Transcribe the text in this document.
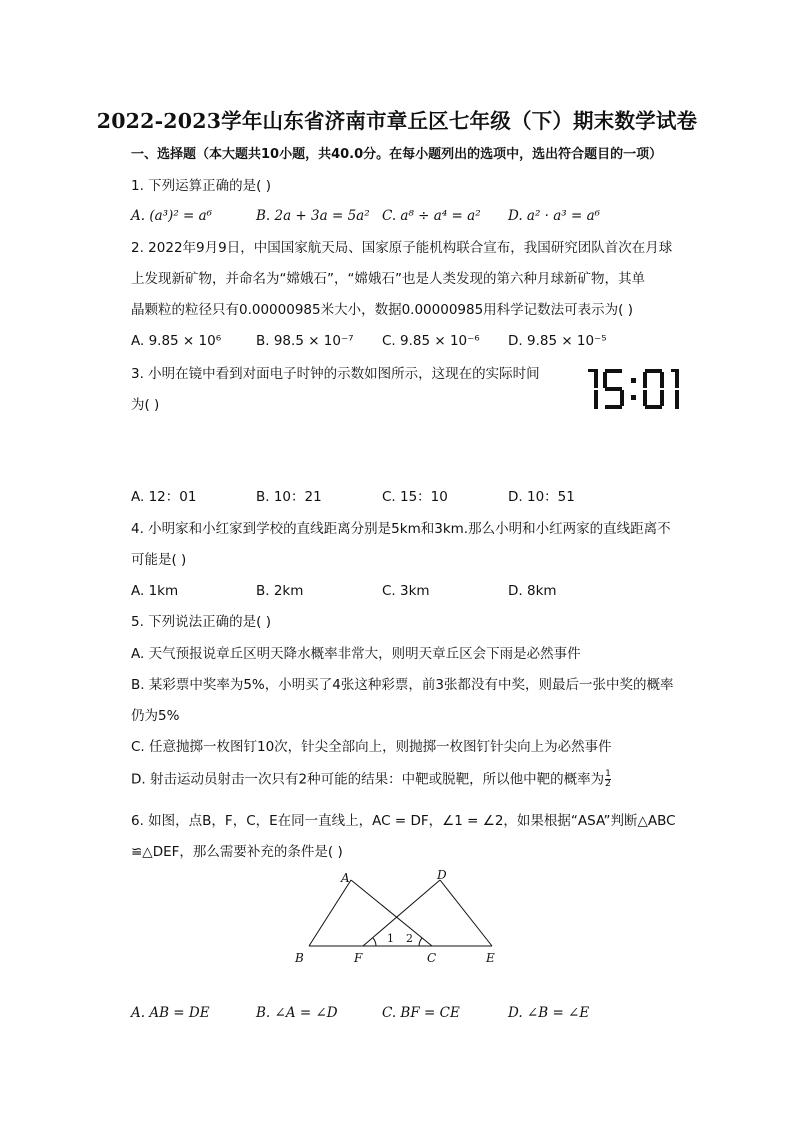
2022-2023学年山东省济南市章丘区七年级（下）期末数学试卷
一、选择题（本大题共10小题，共40.0分。在每小题列出的选项中，选出符合题目的一项）
1. 下列运算正确的是( )
A. (a³)² = a⁶	B. 2a + 3a = 5a² C. a⁸ ÷ a⁴ = a² D. a² · a³ = a⁶
2. 2022年9月9日，中国国家航天局、国家原子能机构联合宣布，我国研究团队首次在月球
上发现新矿物，并命名为“嫦娥石”，“嫦娥石”也是人类发现的第六种月球新矿物，其单
晶颗粒的粒径只有0.00000985米大小，数据0.00000985用科学记数法可表示为( )
A. 9.85 × 10⁶	B. 98.5 × 10⁻⁷ C. 9.85 × 10⁻⁶ D. 9.85 × 10⁻⁵
3. 小明在镜中看到对面电子时钟的示数如图所示，这现在的实际时间
为( )
A. 12：01	B. 10：21	C. 15：10	D. 10：51
4. 小明家和小红家到学校的直线距离分别是5km和3km.那么小明和小红两家的直线距离不
可能是( )
A. 1km	B. 2km	C. 3km	D. 8km
5. 下列说法正确的是( )
A. 天气预报说章丘区明天降水概率非常大，则明天章丘区会下雨是必然事件
B. 某彩票中奖率为5%，小明买了4张这种彩票，前3张都没有中奖，则最后一张中奖的概率
仍为5%
C. 任意抛掷一枚图钉10次，针尖全部向上，则抛掷一枚图钉针尖向上为必然事件
D. 射击运动员射击一次只有2种可能的结果：中靶或脱靶，所以他中靶的概率为 $\frac{1}{2}$
6. 如图，点B，F，C，E在同一直线上，AC = DF，∠1 = ∠2，如果根据“ASA”判断△ABC
≌△DEF，那么需要补充的条件是( )
A	D
B	F	C	E
1 2
A. AB = DE	B. ∠A = ∠D	C. BF = CE	D. ∠B = ∠E
